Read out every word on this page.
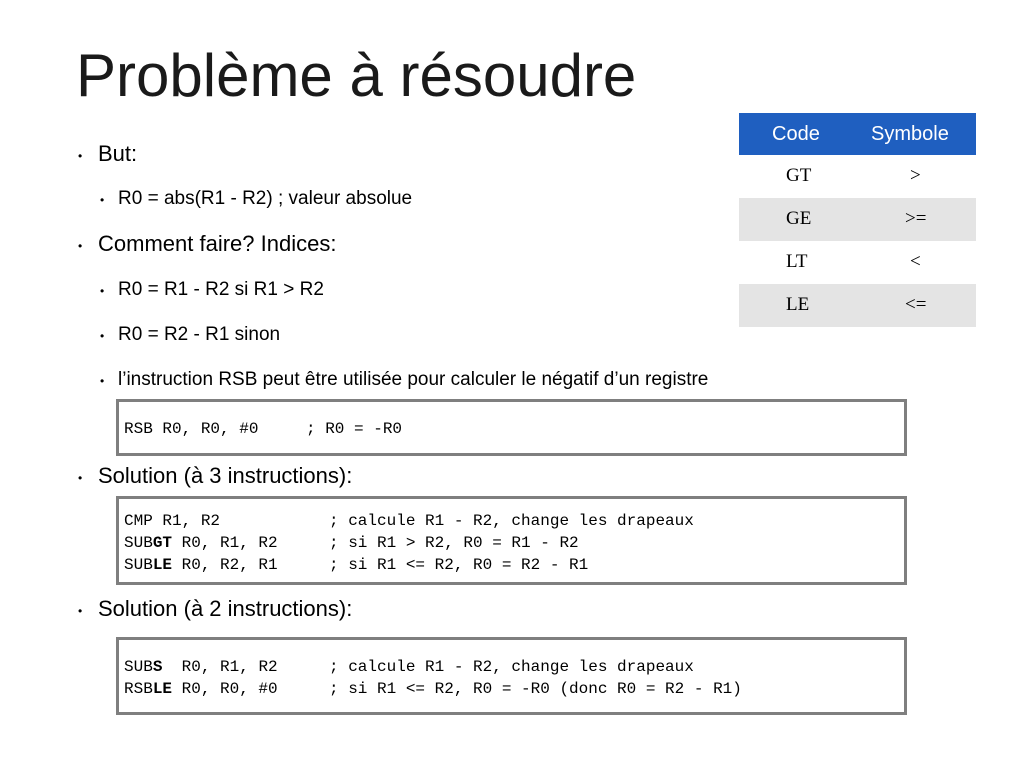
Problème à résoudre
• But:
• R0 = abs(R1 - R2) ; valeur absolue
• Comment faire? Indices:
• R0 = R1 - R2 si R1 > R2
• R0 = R2 - R1 sinon
• l’instruction RSB peut être utilisée pour calculer le négatif d’un registre
RSB R0, R0, #0	; R0 = -R0
• Solution (à 3 instructions):
CMP R1, R2	; calcule R1 - R2, change les drapeaux
SUBGT R0, R1, R2	; si R1 > R2, R0 = R1 - R2
SUBLE R0, R2, R1	; si R1 <= R2, R0 = R2 - R1
• Solution (à 2 instructions):
SUBS  R0, R1, R2	; calcule R1 - R2, change les drapeaux
RSBLE R0, R0, #0	; si R1 <= R2, R0 = -R0 (donc R0 = R2 - R1)
Code	Symbole
GT	>
GE	>=
LT	<
LE	<=
